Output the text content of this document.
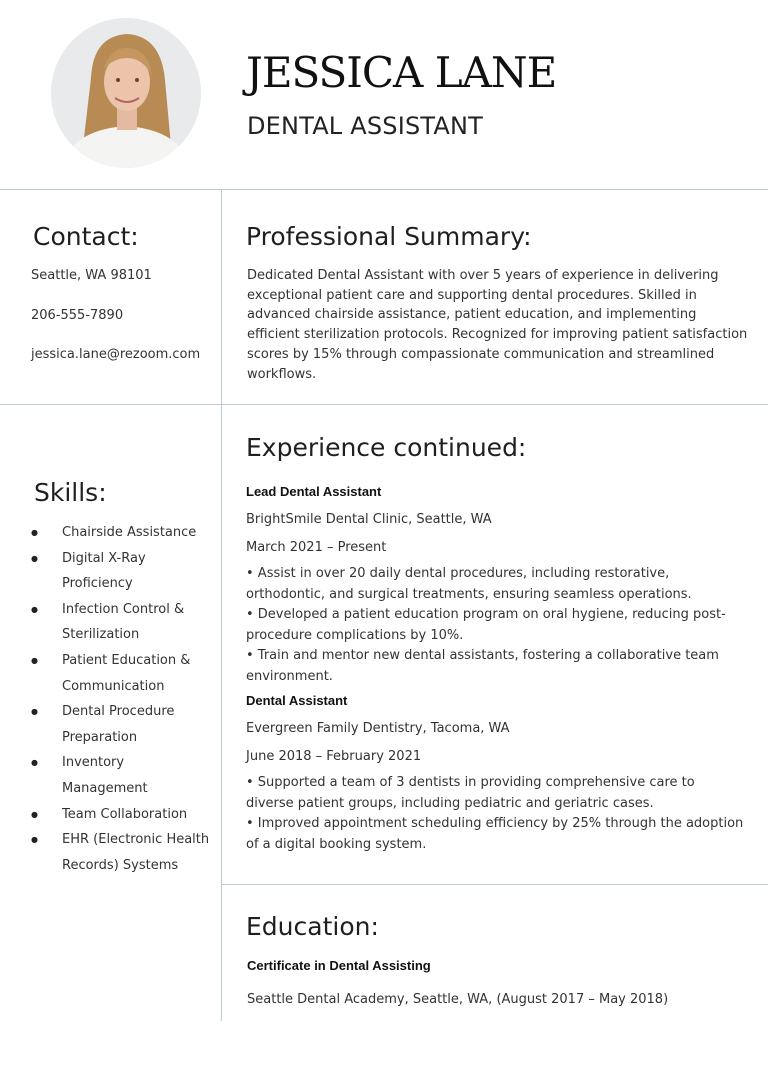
JESSICA LANE
DENTAL ASSISTANT
Contact:
Seattle, WA 98101
206-555-7890
jessica.lane@rezoom.com
Professional Summary:
Dedicated Dental Assistant with over 5 years of experience in delivering exceptional patient care and supporting dental procedures. Skilled in advanced chairside assistance, patient education, and implementing efficient sterilization protocols. Recognized for improving patient satisfaction scores by 15% through compassionate communication and streamlined workflows.
Skills:
● Chairside Assistance
● Digital X-Ray Proficiency
● Infection Control & Sterilization
● Patient Education & Communication
● Dental Procedure Preparation
● Inventory Management
● Team Collaboration
● EHR (Electronic Health Records) Systems
Experience continued:
Lead Dental Assistant
BrightSmile Dental Clinic, Seattle, WA
March 2021 – Present
• Assist in over 20 daily dental procedures, including restorative, orthodontic, and surgical treatments, ensuring seamless operations.
• Developed a patient education program on oral hygiene, reducing post-procedure complications by 10%.
• Train and mentor new dental assistants, fostering a collaborative team environment.
Dental Assistant
Evergreen Family Dentistry, Tacoma, WA
June 2018 – February 2021
• Supported a team of 3 dentists in providing comprehensive care to diverse patient groups, including pediatric and geriatric cases.
• Improved appointment scheduling efficiency by 25% through the adoption of a digital booking system.
Education:
Certificate in Dental Assisting
Seattle Dental Academy, Seattle, WA, (August 2017 – May 2018)
